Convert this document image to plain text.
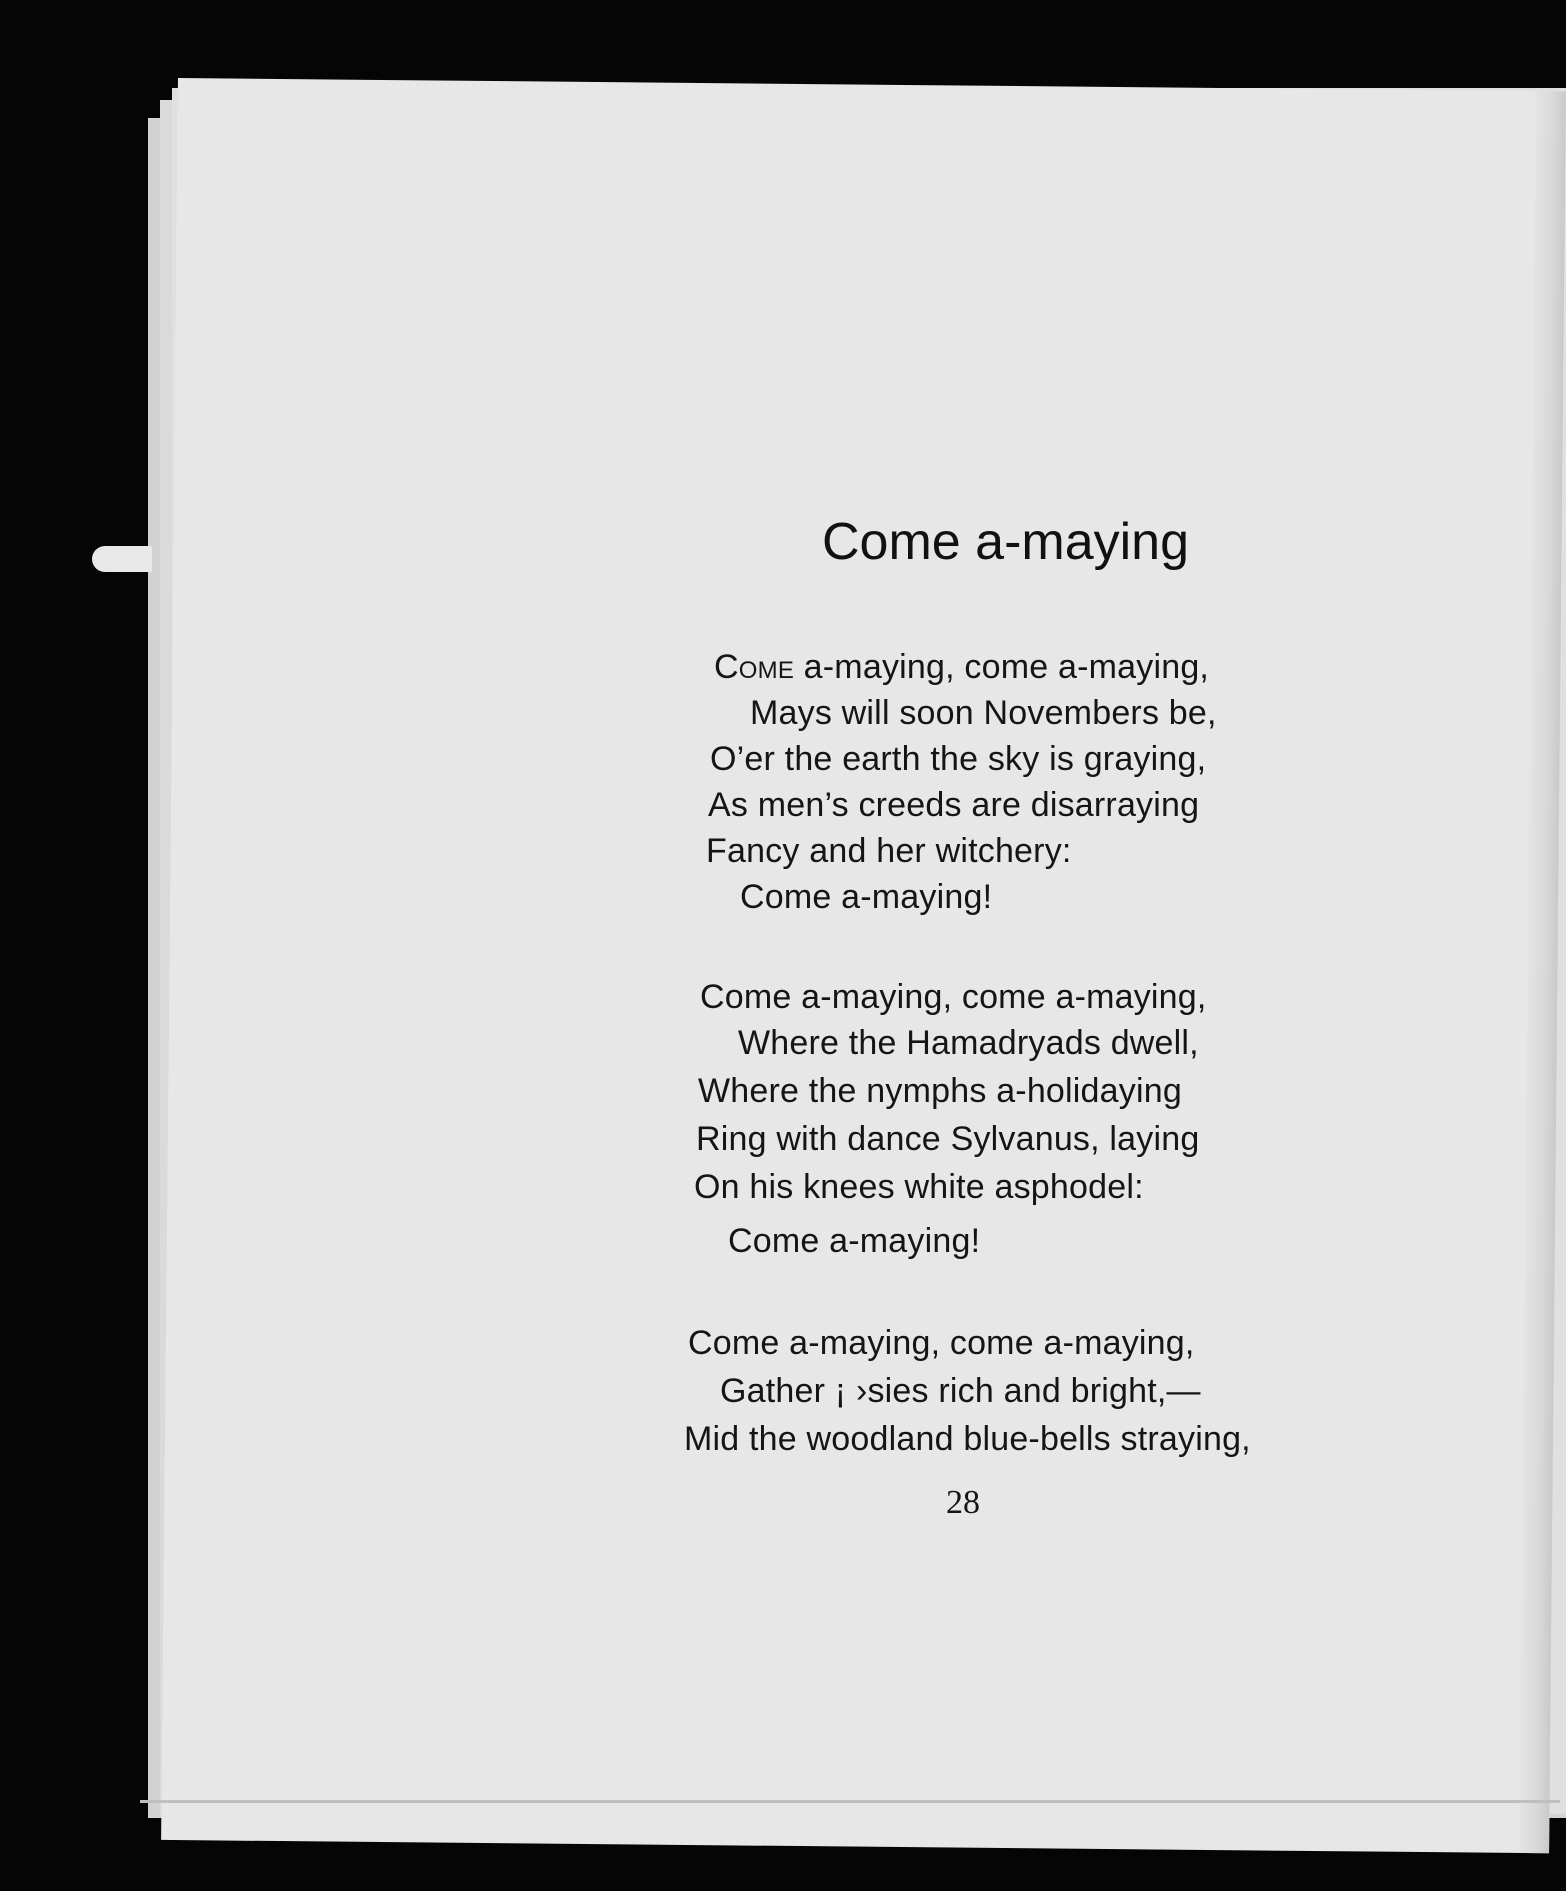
Come a-maying
Come a-maying, come a-maying,
Mays will soon Novembers be,
O’er the earth the sky is graying,
As men’s creeds are disarraying
Fancy and her witchery:
Come a-maying!
Come a-maying, come a-maying,
Where the Hamadryads dwell,
Where the nymphs a-holidaying
Ring with dance Sylvanus, laying
On his knees white asphodel:
Come a-maying!
Come a-maying, come a-maying,
Gather ¡ ›sies rich and bright,—
Mid the woodland blue-bells straying,
28
